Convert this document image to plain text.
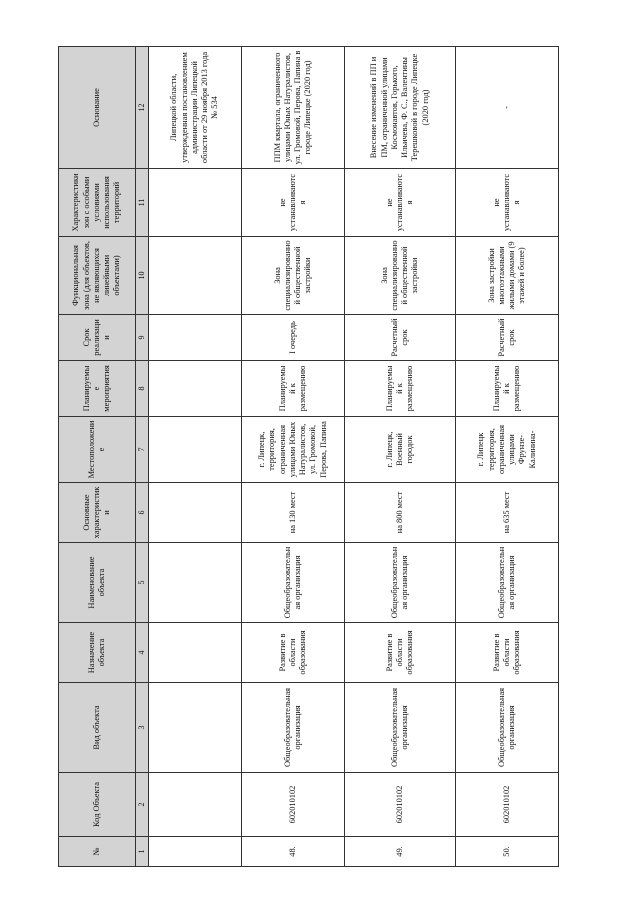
№	Код Объекта	Вид объекта	Назначение объекта	Наименование объекта	Основные характеристики	Местоположение	Планируемые мероприятия	Срок реализации	Функциональная зона (для объектов, не являющихся линейными объектами)	Характеристики зон с особыми условиями использования территорий	Основание
1	2	3	4	5	6	7	8	9	10	11	12
											Липецкой области, утвержденная постановлением администрации Липецкой области от 29 ноября 2013 года № 534
48.	602010102	Общеобразовательная организация	Развитие в области образования	Общеобразовательная организация	на 130 мест	г. Липецк, территория, ограниченная улицами Юных Натуралистов, ул. Громовой, Перова, Папина	Планируемый к размещению	I очередь	Зона специализированной общественной застройки	не устанавливаются	ППМ квартала, ограниченного улицами Юных Натуралистов, ул. Громовой, Перова, Папина в городе Липецке (2020 год)
49.	602010102	Общеобразовательная организация	Развитие в области образования	Общеобразовательная организация	на 800 мест	г. Липецк, Военный городок	Планируемый к размещению	Расчетный срок	Зона специализированной общественной застройки	не устанавливаются	Внесение изменений в ПП и ПМ, ограниченной улицами Космонавтов, Горького, Ильичева, Ф. С., Валентины Терешковой в городе Липецке (2020 год)
50.	602010102	Общеобразовательная организация	Развитие в области образования	Общеобразовательная организация	на 635 мест	г. Липецк территория, ограниченная улицами Фрунзе-Калинина-	Планируемый к размещению	Расчетный срок	Зона застройки многоэтажными жилыми домами (9 этажей и более)	не устанавливаются	-
